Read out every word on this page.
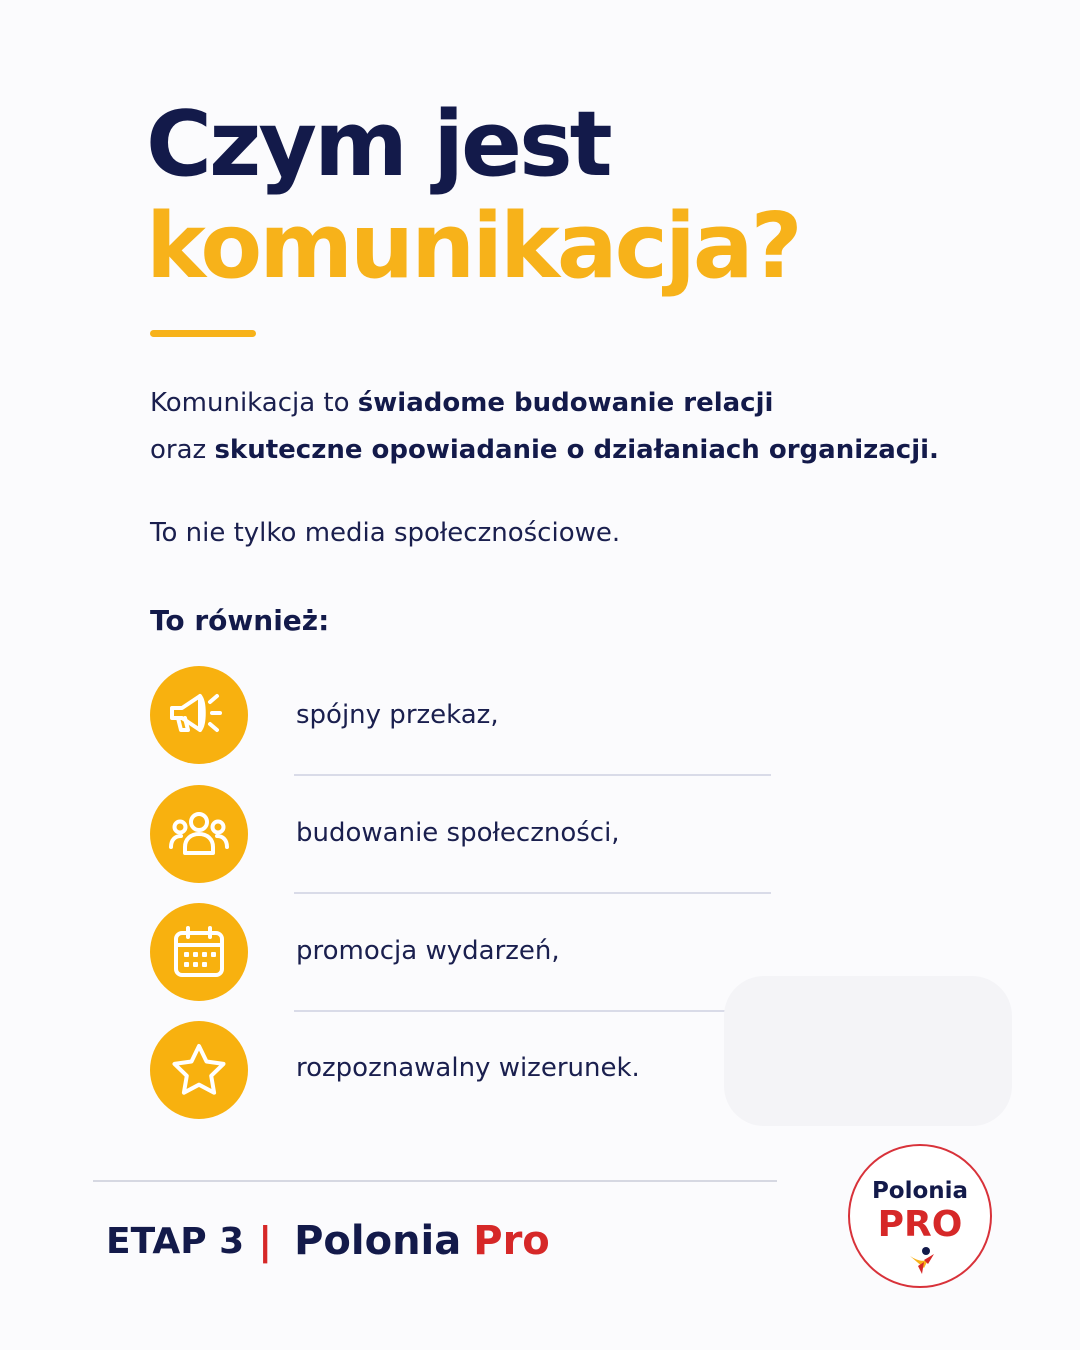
Czym jest
komunikacja?
Komunikacja to świadome budowanie relacji
oraz skuteczne opowiadanie o działaniach organizacji.
To nie tylko media społecznościowe.
To również:
spójny przekaz,
budowanie społeczności,
promocja wydarzeń,
rozpoznawalny wizerunek.
ETAP 3 | Polonia Pro
Polonia
PRO
